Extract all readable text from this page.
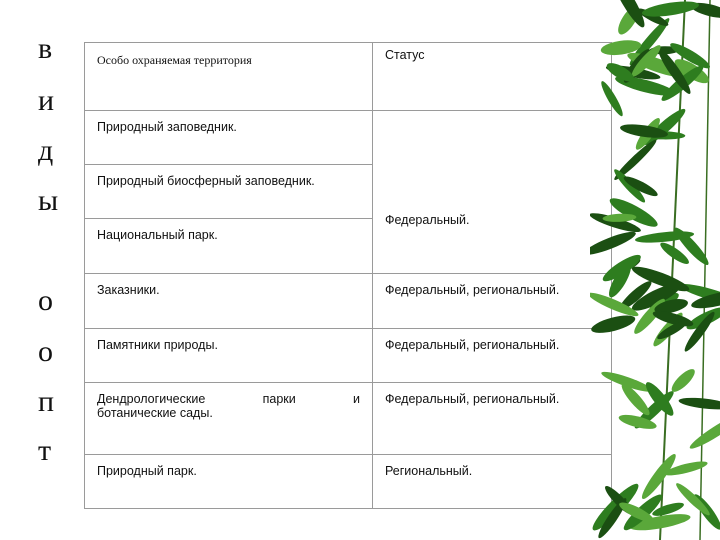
в
и
д
ы
о
о
п
т
Особо охраняемая территория	Статус
Природный заповедник.	Федеральный.
Природный биосферный заповедник.	
Национальный парк.	
Заказники.	Федеральный, региональный.
Памятники природы.	Федеральный, региональный.

Дендрологические парки и
ботанические сады.	Федеральный, региональный.
Природный парк.	Региональный.
